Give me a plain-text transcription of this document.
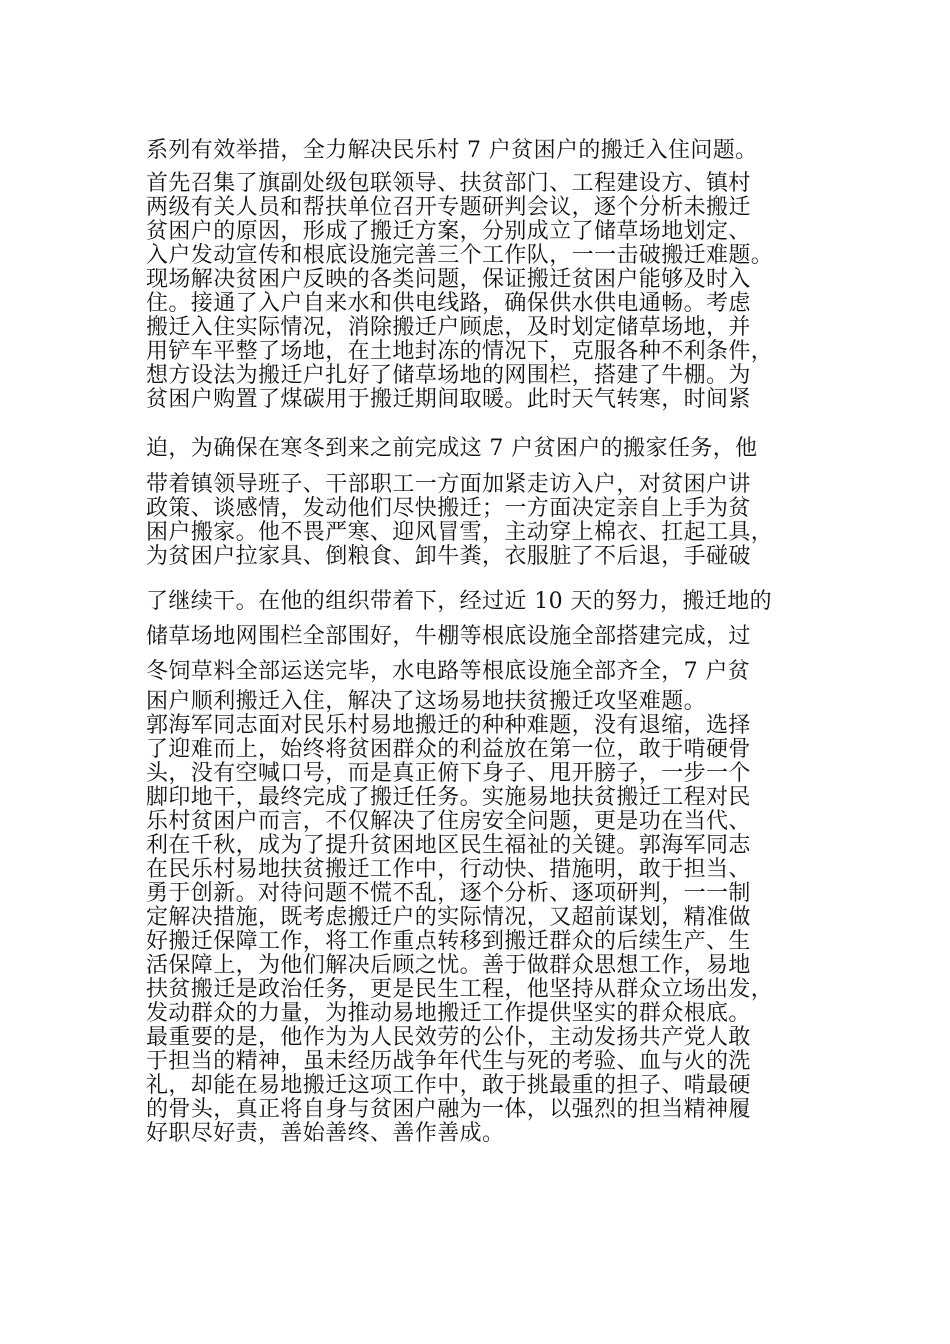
系列有效举措，全力解决民乐村 7 户贫困户的搬迁入住问题。
首先召集了旗副处级包联领导、扶贫部门、工程建设方、镇村
两级有关人员和帮扶单位召开专题研判会议，逐个分析未搬迁
贫困户的原因，形成了搬迁方案，分别成立了储草场地划定、
入户发动宣传和根底设施完善三个工作队，一一击破搬迁难题。
现场解决贫困户反映的各类问题，保证搬迁贫困户能够及时入
住。接通了入户自来水和供电线路，确保供水供电通畅。考虑
搬迁入住实际情况，消除搬迁户顾虑，及时划定储草场地，并
用铲车平整了场地，在土地封冻的情况下，克服各种不利条件，
想方设法为搬迁户扎好了储草场地的网围栏，搭建了牛棚。为
贫困户购置了煤碳用于搬迁期间取暖。此时天气转寒，时间紧
迫，为确保在寒冬到来之前完成这 7 户贫困户的搬家任务，他
带着镇领导班子、干部职工一方面加紧走访入户，对贫困户讲
政策、谈感情，发动他们尽快搬迁；一方面决定亲自上手为贫
困户搬家。他不畏严寒、迎风冒雪，主动穿上棉衣、扛起工具，
为贫困户拉家具、倒粮食、卸牛粪，衣服脏了不后退，手碰破
了继续干。在他的组织带着下，经过近 10 天的努力，搬迁地的
储草场地网围栏全部围好，牛棚等根底设施全部搭建完成，过
冬饲草料全部运送完毕，水电路等根底设施全部齐全，7 户贫
困户顺利搬迁入住，解决了这场易地扶贫搬迁攻坚难题。
郭海军同志面对民乐村易地搬迁的种种难题，没有退缩，选择
了迎难而上，始终将贫困群众的利益放在第一位，敢于啃硬骨
头，没有空喊口号，而是真正俯下身子、甩开膀子，一步一个
脚印地干，最终完成了搬迁任务。实施易地扶贫搬迁工程对民
乐村贫困户而言，不仅解决了住房安全问题，更是功在当代、
利在千秋，成为了提升贫困地区民生福祉的关键。郭海军同志
在民乐村易地扶贫搬迁工作中，行动快、措施明，敢于担当、
勇于创新。对待问题不慌不乱，逐个分析、逐项研判，一一制
定解决措施，既考虑搬迁户的实际情况，又超前谋划，精准做
好搬迁保障工作，将工作重点转移到搬迁群众的后续生产、生
活保障上，为他们解决后顾之忧。善于做群众思想工作，易地
扶贫搬迁是政治任务，更是民生工程，他坚持从群众立场出发，
发动群众的力量，为推动易地搬迁工作提供坚实的群众根底。
最重要的是，他作为为人民效劳的公仆，主动发扬共产党人敢
于担当的精神，虽未经历战争年代生与死的考验、血与火的洗
礼，却能在易地搬迁这项工作中，敢于挑最重的担子、啃最硬
的骨头，真正将自身与贫困户融为一体，以强烈的担当精神履
好职尽好责，善始善终、善作善成。
